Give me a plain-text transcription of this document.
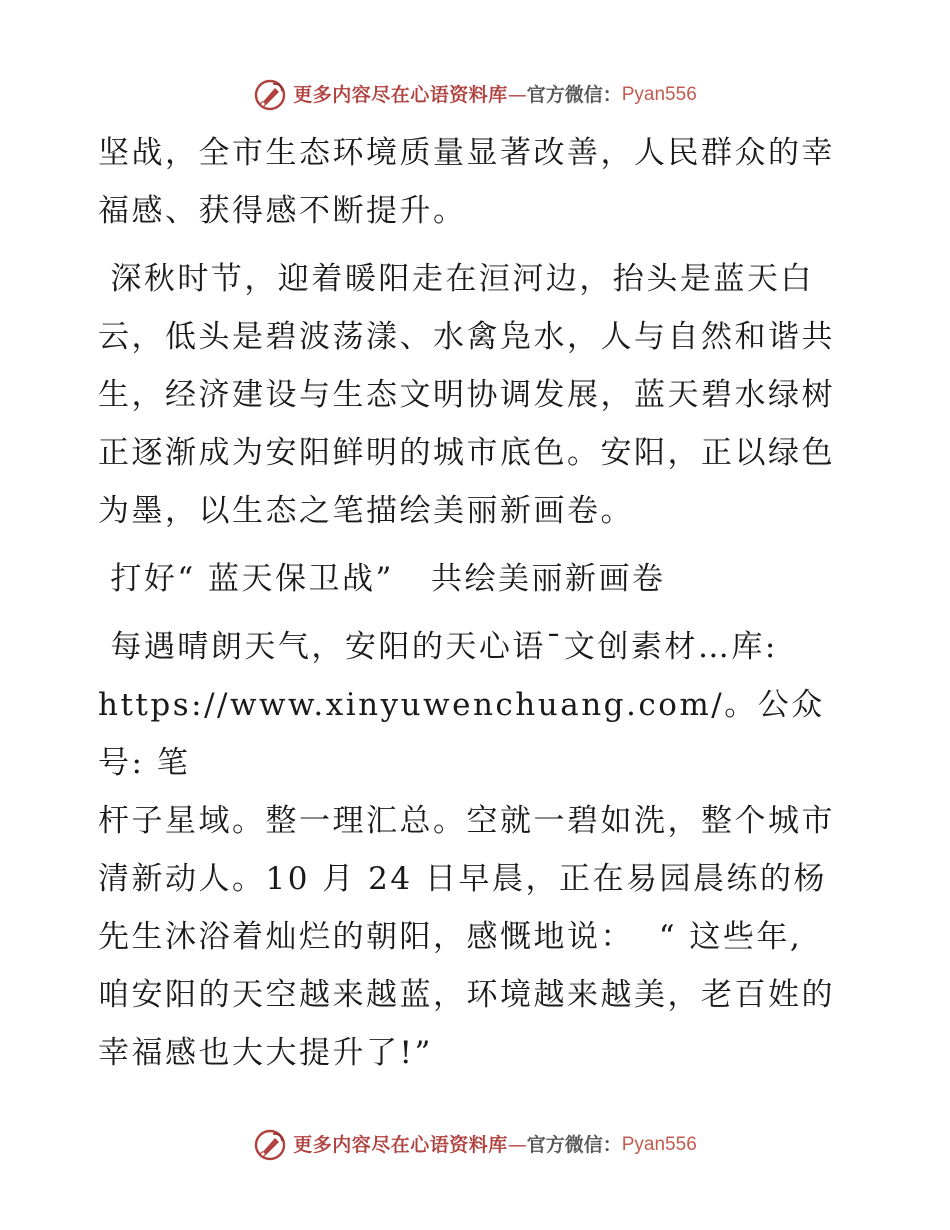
更多内容尽在心语资料库 — 官方微信： Pyan556

坚战，全市生态环境质量显著改善，人民群众的幸
福感、获得感不断提升。

深秋时节，迎着暖阳走在洹河边，抬头是蓝天白
云，低头是碧波荡漾、水禽凫水，人与自然和谐共
生，经济建设与生态文明协调发展，蓝天碧水绿树
正逐渐成为安阳鲜明的城市底色。安阳，正以绿色
为墨，以生态之笔描绘美丽新画卷。

打好“ 蓝天保卫战”   共绘美丽新画卷

每遇晴朗天气，安阳的天心语¯文创素材…库:
https://www.xinyuwenchuang.com/。公众号: 笔
杆子星域。整一理汇总。空就一碧如洗，整个城市
清新动人。10 月 24 日早晨，正在易园晨练的杨
先生沐浴着灿烂的朝阳，感慨地说：  “ 这些年,
咱安阳的天空越来越蓝，环境越来越美，老百姓的
幸福感也大大提升了!”

更多内容尽在心语资料库 — 官方微信： Pyan556
